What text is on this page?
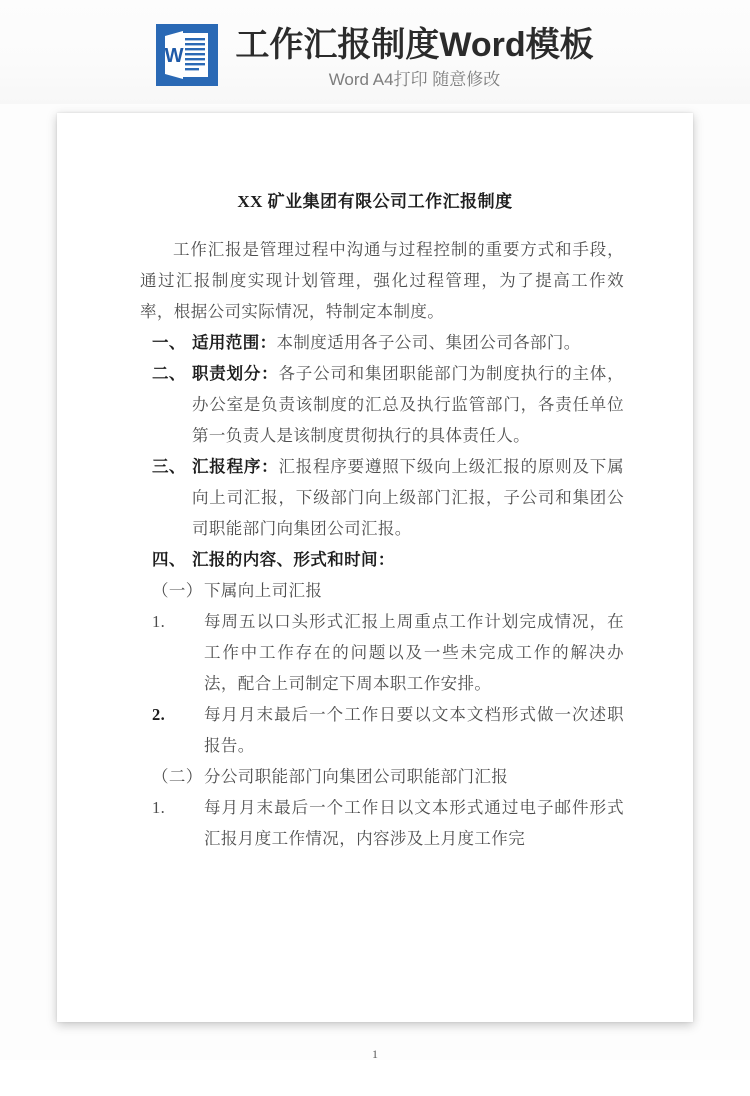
W 工作汇报制度Word模板
Word A4打印 随意修改
XX 矿业集团有限公司工作汇报制度

工作汇报是管理过程中沟通与过程控制的重要方式和手段，通过汇报制度实现计划管理，强化过程管理，为了提高工作效率，根据公司实际情况，特制定本制度。

一、 适用范围：本制度适用各子公司、集团公司各部门。
二、 职责划分：各子公司和集团职能部门为制度执行的主体，办公室是负责该制度的汇总及执行监管部门，各责任单位第一负责人是该制度贯彻执行的具体责任人。
三、 汇报程序：汇报程序要遵照下级向上级汇报的原则及下属向上司汇报，下级部门向上级部门汇报，子公司和集团公司职能部门向集团公司汇报。
四、 汇报的内容、形式和时间：
（一） 下属向上司汇报
1.	每周五以口头形式汇报上周重点工作计划完成情况，在工作中工作存在的问题以及一些未完成工作的解决办法，配合上司制定下周本职工作安排。
2.	每月月末最后一个工作日要以文本文档形式做一次述职报告。
（二） 分公司职能部门向集团公司职能部门汇报
1.	每月月末最后一个工作日以文本形式通过电子邮件形式汇报月度工作情况，内容涉及上月度工作完
1
